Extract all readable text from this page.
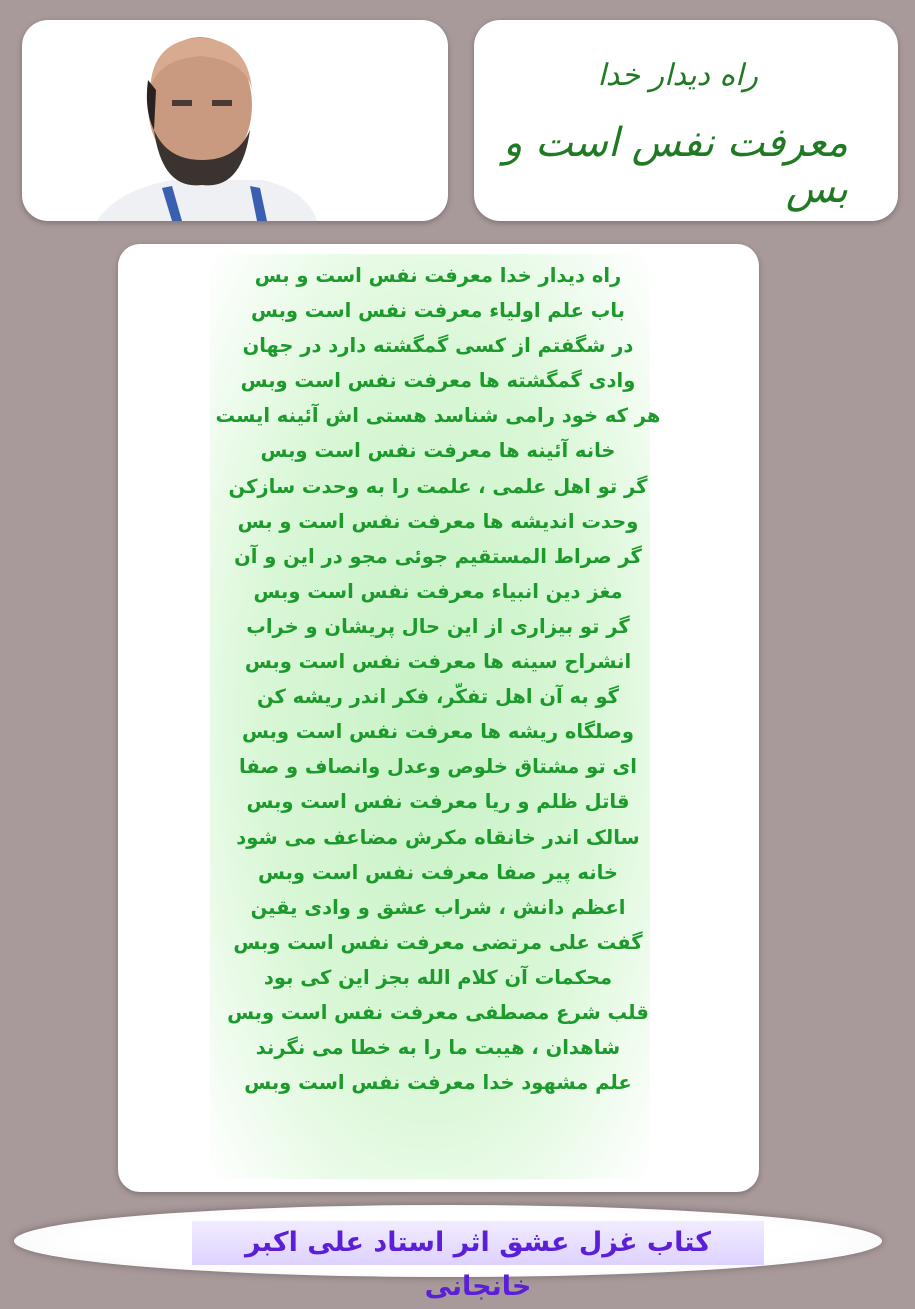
راه دیدار خدا
معرفت نفس است و بس
راه دیدار خدا معرفت نفس است و بس
باب علم اولیاء معرفت نفس است وبس
در شگفتم از کسی گمگشته دارد در جهان
وادی گمگشته ها معرفت نفس است وبس
هر که خود رامی شناسد هستی اش آئینه ایست
خانه آئینه ها معرفت نفس است وبس
گر تو اهل علمی ، علمت را به وحدت سازکن
وحدت اندیشه ها معرفت نفس است و بس
گر صراط المستقیم جوئی مجو در این و آن
مغز دین انبیاء معرفت نفس است وبس
گر تو بیزاری از این حال پریشان و خراب
انشراح سینه ها معرفت نفس است وبس
گو به آن اهل تفکّر، فکر اندر ریشه کن
وصلگاه ریشه ها معرفت نفس است وبس
ای تو مشتاق خلوص وعدل وانصاف و صفا
قاتل ظلم و ریا معرفت نفس است وبس
سالک اندر خانقاه مکرش مضاعف می شود
خانه پیر صفا معرفت نفس است وبس
اعظم دانش ، شراب عشق و وادی یقین
گفت علی مرتضی معرفت نفس است وبس
محکمات آن کلام الله بجز این کی بود
قلب شرع مصطفی معرفت نفس است وبس
شاهدان ، هیبت ما را به خطا می نگرند
علم مشهود خدا معرفت نفس است وبس
کتاب غزل عشق اثر استاد علی اکبر خانجانی
